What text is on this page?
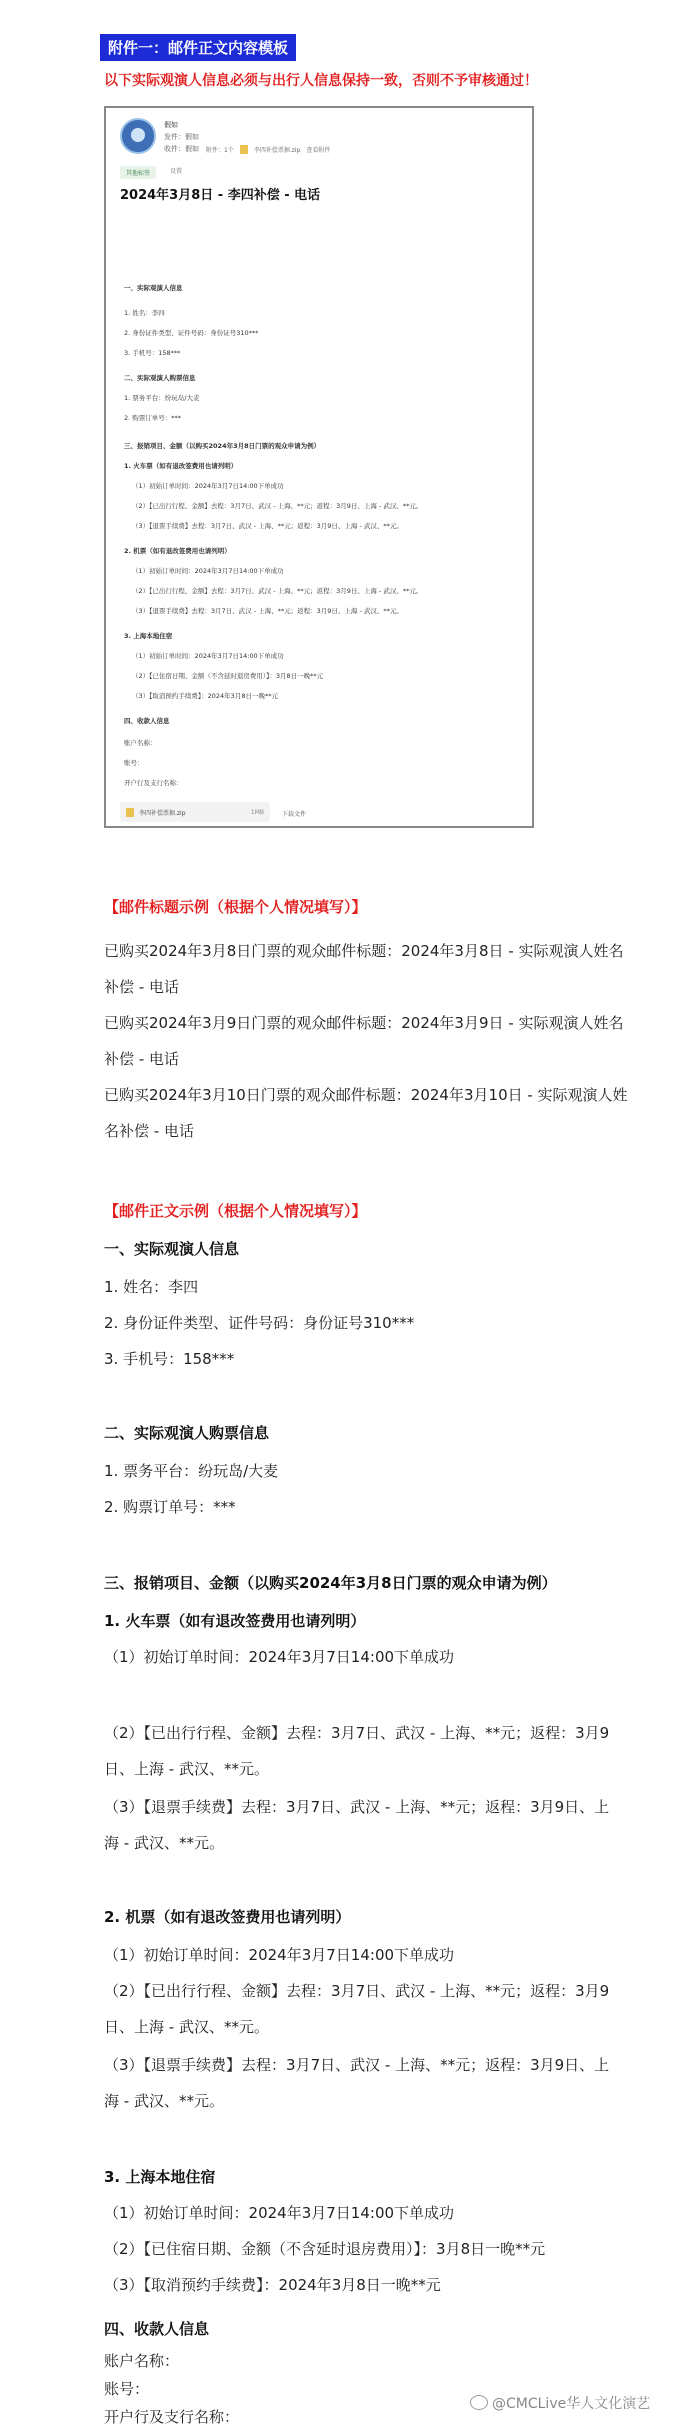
附件一：邮件正文内容模板
以下实际观演人信息必须与出行人信息保持一致，否则不予审核通过！
假如
发件：假如
收件：假如 附件：1个	李四补偿票据.zip 查看附件
其他标签	设置
2024年3月8日 - 李四补偿 - 电话
李四补偿票据.zip	1MB	下载文件
一、实际观演人信息
1. 姓名：李四
2. 身份证件类型、证件号码：身份证号310***
3. 手机号：158***
二、实际观演人购票信息
1. 票务平台：纷玩岛/大麦
2. 购票订单号：***
三、报销项目、金额（以购买2024年3月8日门票的观众申请为例）
1. 火车票（如有退改签费用也请列明）
（1）初始订单时间：2024年3月7日14:00下单成功
（2）【已出行行程、金额】去程：3月7日、武汉 - 上海、**元；返程：3月9日、上海 - 武汉、**元。
（3）【退票手续费】去程：3月7日、武汉 - 上海、**元；返程：3月9日、上海 - 武汉、**元。
2. 机票（如有退改签费用也请列明）
（1）初始订单时间：2024年3月7日14:00下单成功
（2）【已出行行程、金额】去程：3月7日、武汉 - 上海、**元；返程：3月9日、上海 - 武汉、**元。
（3）【退票手续费】去程：3月7日、武汉 - 上海、**元；返程：3月9日、上海 - 武汉、**元。
3. 上海本地住宿
（1）初始订单时间：2024年3月7日14:00下单成功
（2）【已住宿日期、金额（不含延时退房费用）】：3月8日一晚**元
（3）【取消预约手续费】：2024年3月8日一晚**元
四、收款人信息
账户名称：
账号：
开户行及支行名称：
【邮件标题示例（根据个人情况填写）】
已购买2024年3月8日门票的观众邮件标题：2024年3月8日 - 实际观演人姓名
补偿 - 电话
已购买2024年3月9日门票的观众邮件标题：2024年3月9日 - 实际观演人姓名
补偿 - 电话
已购买2024年3月10日门票的观众邮件标题：2024年3月10日 - 实际观演人姓
名补偿 - 电话
【邮件正文示例（根据个人情况填写）】
一、实际观演人信息
1. 姓名：李四
2. 身份证件类型、证件号码：身份证号310***
3. 手机号：158***
二、实际观演人购票信息
1. 票务平台：纷玩岛/大麦
2. 购票订单号：***
三、报销项目、金额（以购买2024年3月8日门票的观众申请为例）
1. 火车票（如有退改签费用也请列明）
（1）初始订单时间：2024年3月7日14:00下单成功
（2）【已出行行程、金额】去程：3月7日、武汉 - 上海、**元；返程：3月9
日、上海 - 武汉、**元。
（3）【退票手续费】去程：3月7日、武汉 - 上海、**元；返程：3月9日、上
海 - 武汉、**元。
2. 机票（如有退改签费用也请列明）
（1）初始订单时间：2024年3月7日14:00下单成功
（2）【已出行行程、金额】去程：3月7日、武汉 - 上海、**元；返程：3月9
日、上海 - 武汉、**元。
（3）【退票手续费】去程：3月7日、武汉 - 上海、**元；返程：3月9日、上
海 - 武汉、**元。
3. 上海本地住宿
（1）初始订单时间：2024年3月7日14:00下单成功
（2）【已住宿日期、金额（不含延时退房费用）】：3月8日一晚**元
（3）【取消预约手续费】：2024年3月8日一晚**元
四、收款人信息
账户名称：
账号：
开户行及支行名称：
@CMCLive华人文化演艺
